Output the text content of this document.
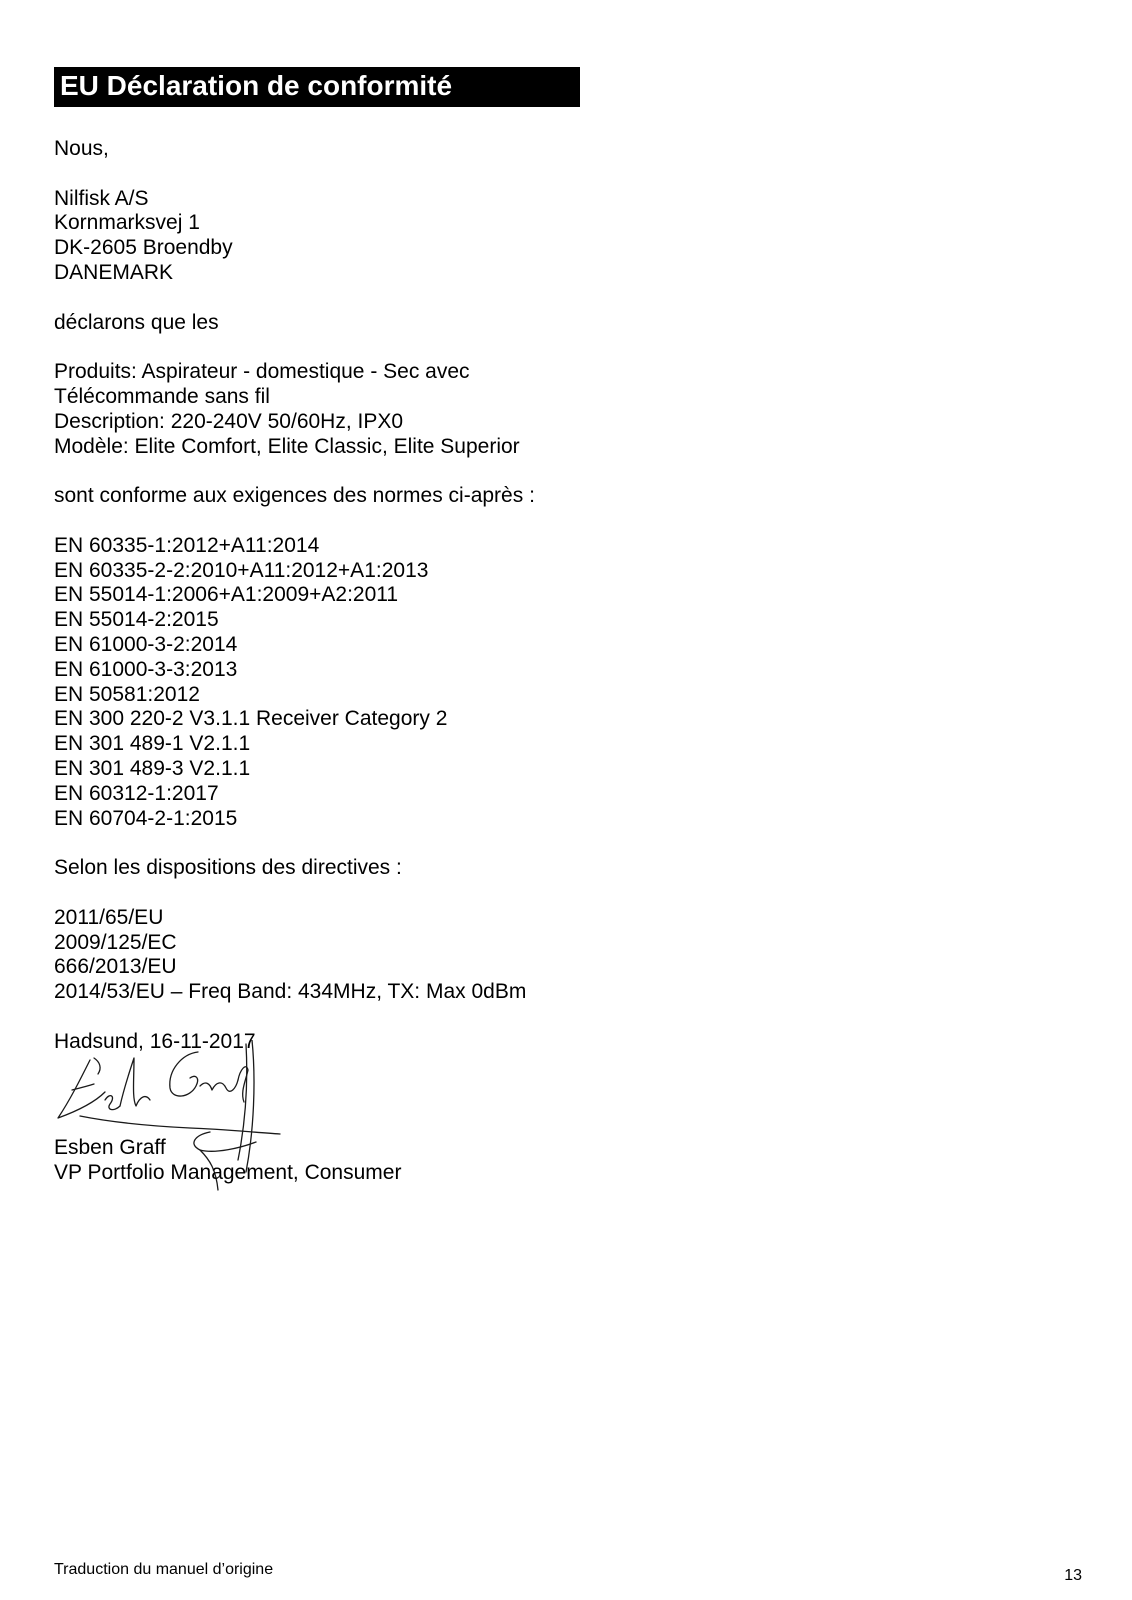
EU Déclaration de conformité
Nous,
Nilfisk A/S
Kornmarksvej 1
DK-2605 Broendby
DANEMARK
déclarons que les
Produits: Aspirateur - domestique - Sec avec
Télécommande sans fil
Description: 220-240V 50/60Hz, IPX0
Modèle: Elite Comfort, Elite Classic, Elite Superior
sont conforme aux exigences des normes ci-après :
EN 60335-1:2012+A11:2014
EN 60335-2-2:2010+A11:2012+A1:2013
EN 55014-1:2006+A1:2009+A2:2011
EN 55014-2:2015
EN 61000-3-2:2014
EN 61000-3-3:2013
EN 50581:2012
EN 300 220-2 V3.1.1 Receiver Category 2
EN 301 489-1 V2.1.1
EN 301 489-3 V2.1.1
EN 60312-1:2017
EN 60704-2-1:2015
Selon les dispositions des directives :
2011/65/EU
2009/125/EC
666/2013/EU
2014/53/EU – Freq Band: 434MHz, TX: Max 0dBm
Hadsund, 16-11-2017
Esben Graff
VP Portfolio Management, Consumer
Traduction du manuel d’origine	13
